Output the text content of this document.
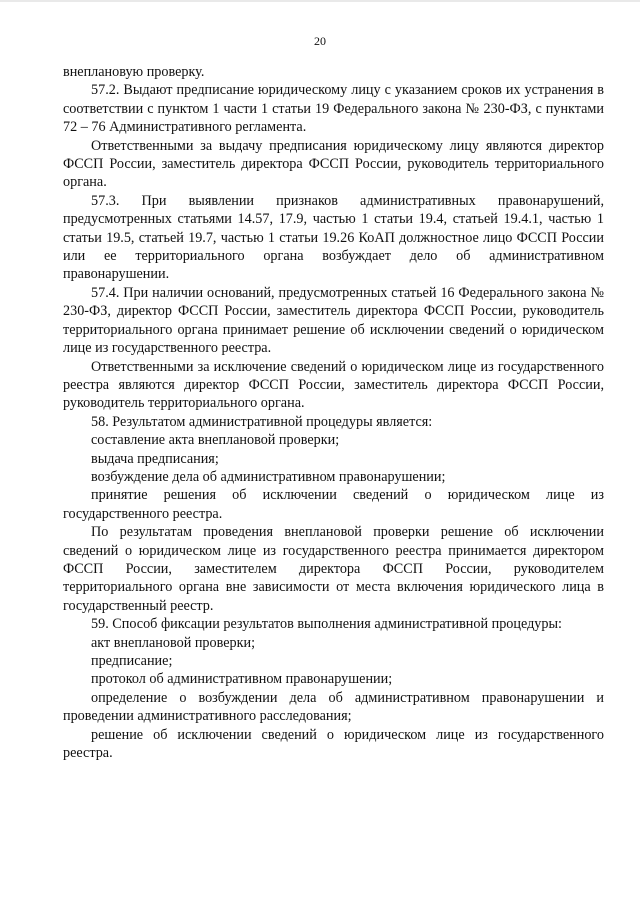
20

внеплановую проверку.

57.2. Выдают предписание юридическому лицу с указанием сроков их устранения в соответствии с пунктом 1 части 1 статьи 19 Федерального закона № 230-ФЗ, с пунктами 72 – 76 Административного регламента.

Ответственными за выдачу предписания юридическому лицу являются директор ФССП России, заместитель директора ФССП России, руководитель территориального органа.

57.3. При выявлении признаков административных правонарушений, предусмотренных статьями 14.57, 17.9, частью 1 статьи 19.4, статьей 19.4.1, частью 1 статьи 19.5, статьей 19.7, частью 1 статьи 19.26 КоАП должностное лицо ФССП России или ее территориального органа возбуждает дело об административном правонарушении.

57.4. При наличии оснований, предусмотренных статьей 16 Федерального закона № 230-ФЗ, директор ФССП России, заместитель директора ФССП России, руководитель территориального органа принимает решение об исключении сведений о юридическом лице из государственного реестра.

Ответственными за исключение сведений о юридическом лице из государственного реестра являются директор ФССП России, заместитель директора ФССП России, руководитель территориального органа.

58. Результатом административной процедуры является:

составление акта внеплановой проверки;

выдача предписания;

возбуждение дела об административном правонарушении;

принятие решения об исключении сведений о юридическом лице из государственного реестра.

По результатам проведения внеплановой проверки решение об исключении сведений о юридическом лице из государственного реестра принимается директором ФССП России, заместителем директора ФССП России, руководителем территориального органа вне зависимости от места включения юридического лица в государственный реестр.

59. Способ фиксации результатов выполнения административной процедуры:

акт внеплановой проверки;

предписание;

протокол об административном правонарушении;

определение о возбуждении дела об административном правонарушении и проведении административного расследования;

решение об исключении сведений о юридическом лице из государственного реестра.
